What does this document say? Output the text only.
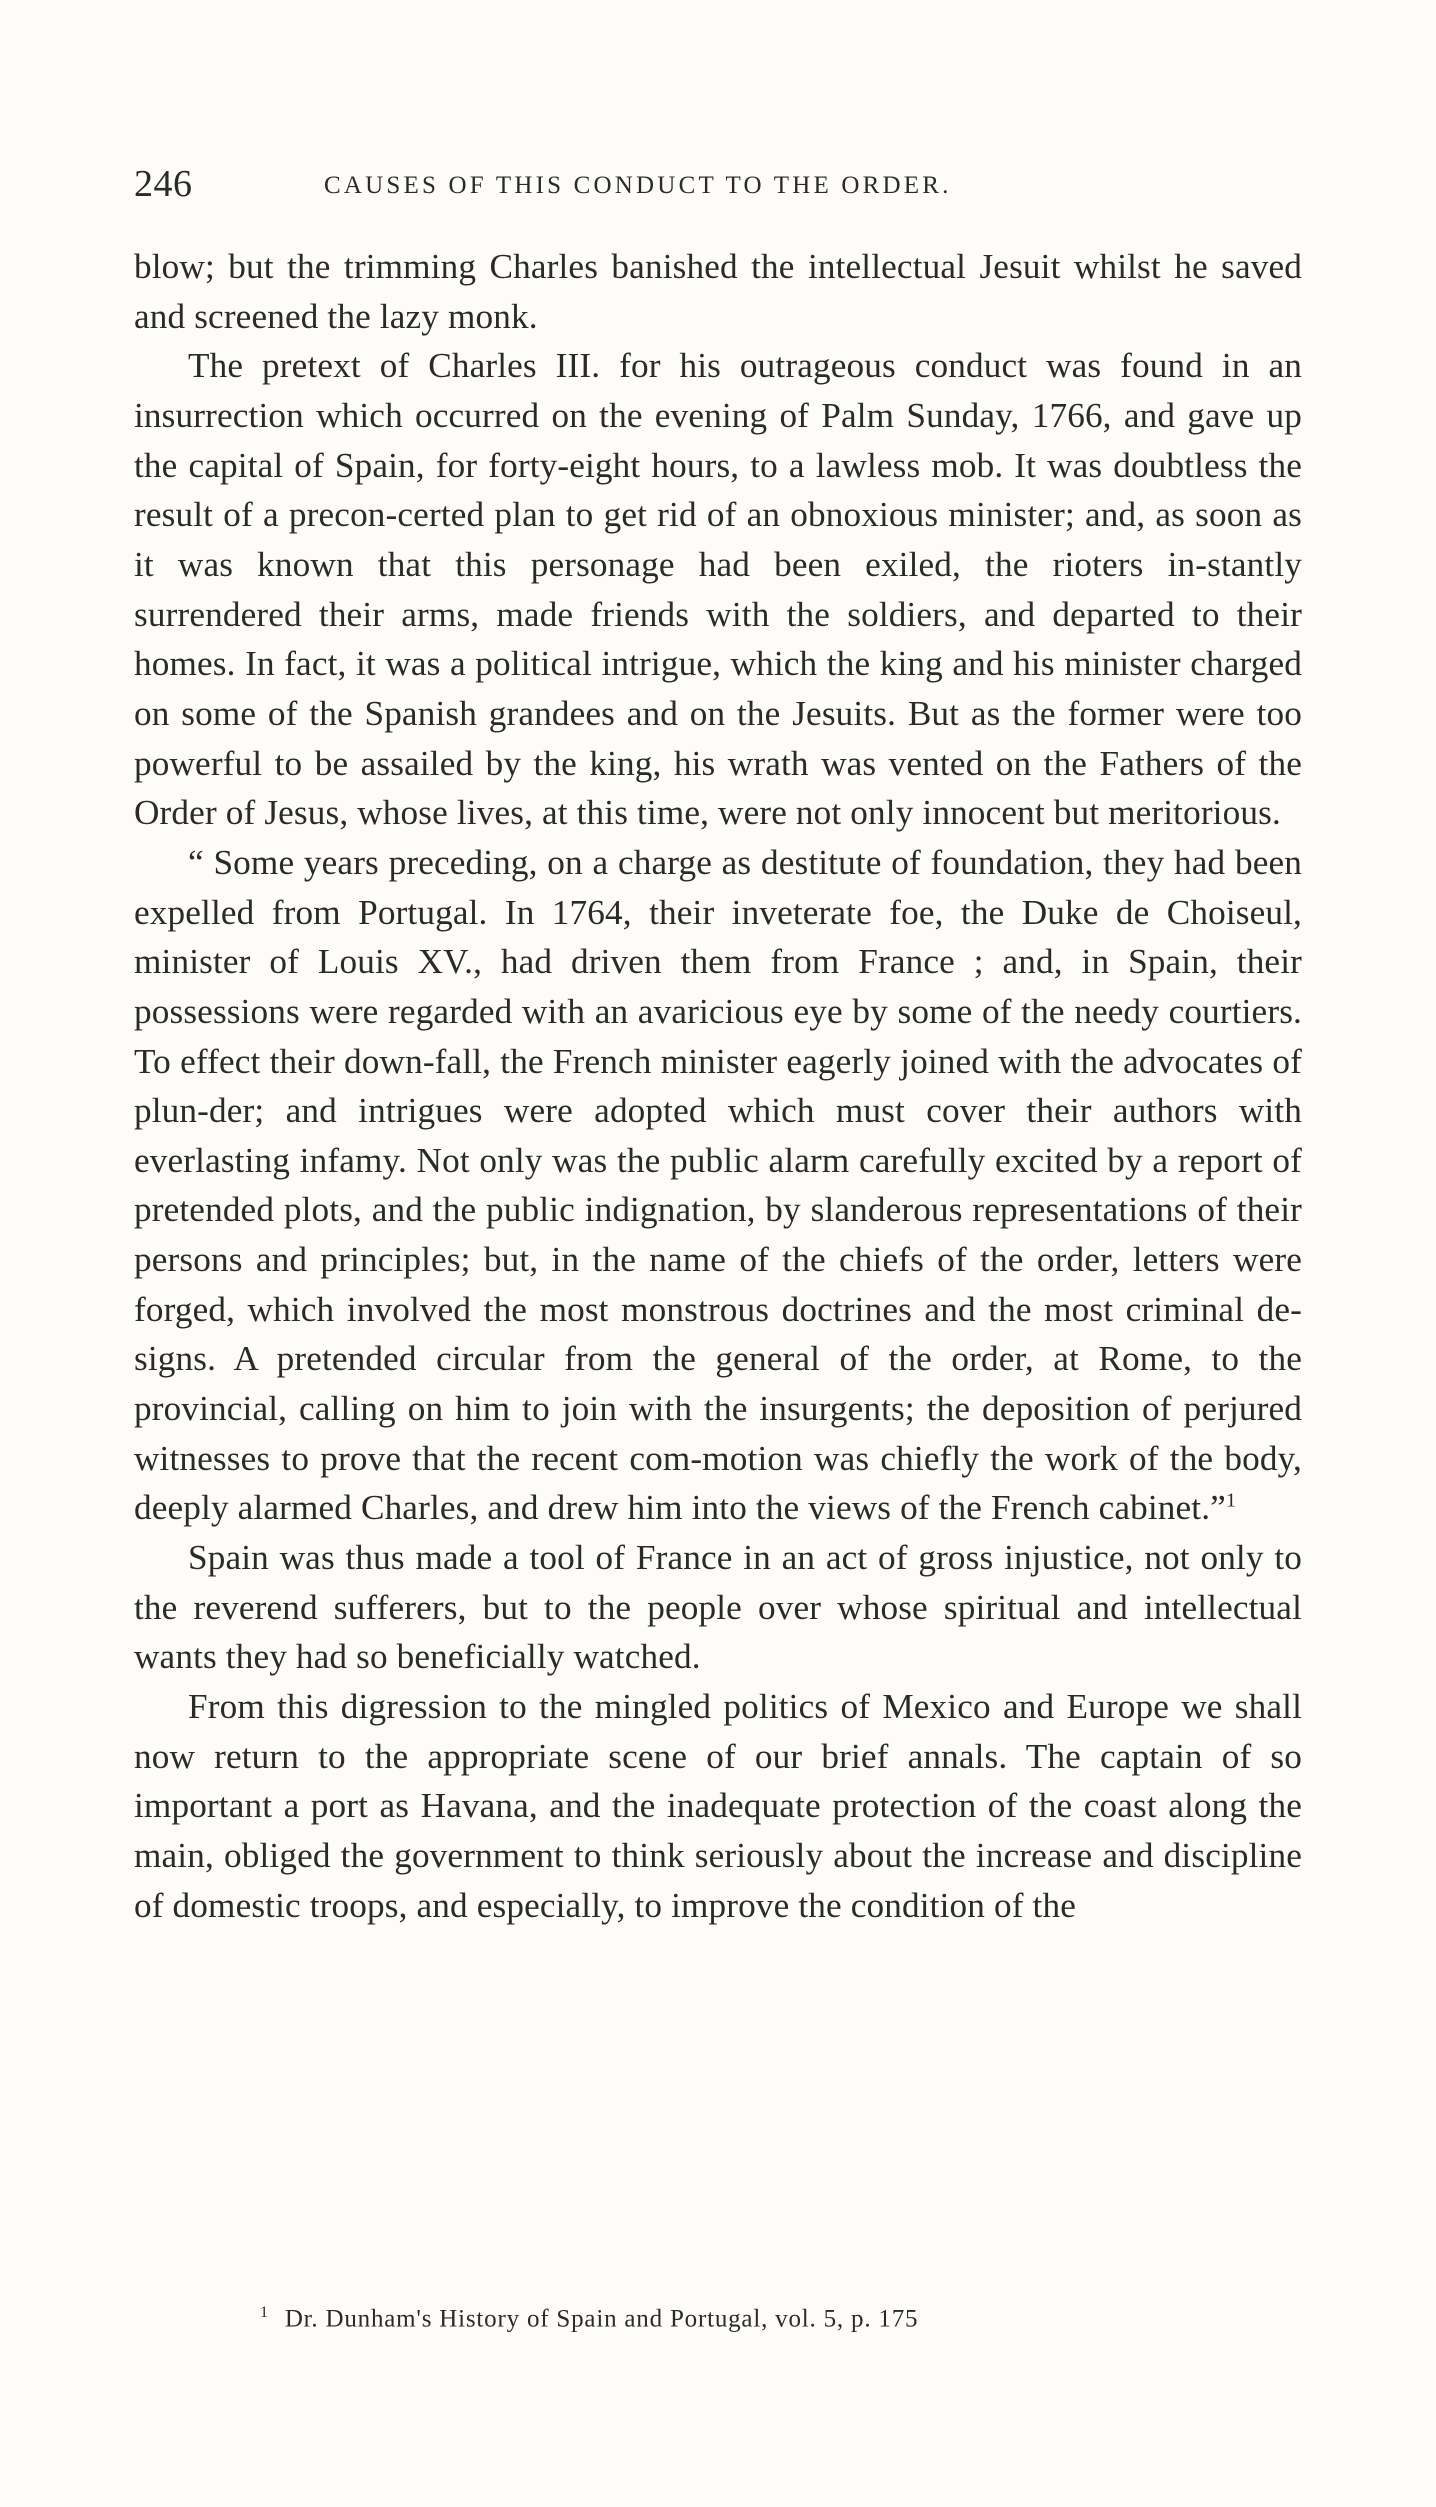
246	CAUSES OF THIS CONDUCT TO THE ORDER.

blow; but the trimming Charles banished the intellectual Jesuit whilst he saved and screened the lazy monk.

The pretext of Charles III. for his outrageous conduct was found in an insurrection which occurred on the evening of Palm Sunday, 1766, and gave up the capital of Spain, for forty-eight hours, to a lawless mob. It was doubtless the result of a precon-certed plan to get rid of an obnoxious minister; and, as soon as it was known that this personage had been exiled, the rioters in-stantly surrendered their arms, made friends with the soldiers, and departed to their homes. In fact, it was a political intrigue, which the king and his minister charged on some of the Spanish grandees and on the Jesuits. But as the former were too powerful to be assailed by the king, his wrath was vented on the Fathers of the Order of Jesus, whose lives, at this time, were not only innocent but meritorious.

“ Some years preceding, on a charge as destitute of foundation, they had been expelled from Portugal. In 1764, their inveterate foe, the Duke de Choiseul, minister of Louis XV., had driven them from France ; and, in Spain, their possessions were regarded with an avaricious eye by some of the needy courtiers. To effect their down-fall, the French minister eagerly joined with the advocates of plun-der; and intrigues were adopted which must cover their authors with everlasting infamy. Not only was the public alarm carefully excited by a report of pretended plots, and the public indignation, by slanderous representations of their persons and principles; but, in the name of the chiefs of the order, letters were forged, which involved the most monstrous doctrines and the most criminal de-signs. A pretended circular from the general of the order, at Rome, to the provincial, calling on him to join with the insurgents; the deposition of perjured witnesses to prove that the recent com-motion was chiefly the work of the body, deeply alarmed Charles, and drew him into the views of the French cabinet.”$^1$

Spain was thus made a tool of France in an act of gross injustice, not only to the reverend sufferers, but to the people over whose spiritual and intellectual wants they had so beneficially watched.

From this digression to the mingled politics of Mexico and Europe we shall now return to the appropriate scene of our brief annals. The captain of so important a port as Havana, and the inadequate protection of the coast along the main, obliged the government to think seriously about the increase and discipline of domestic troops, and especially, to improve the condition of the

$^1$ Dr. Dunham's History of Spain and Portugal, vol. 5, p. 175
